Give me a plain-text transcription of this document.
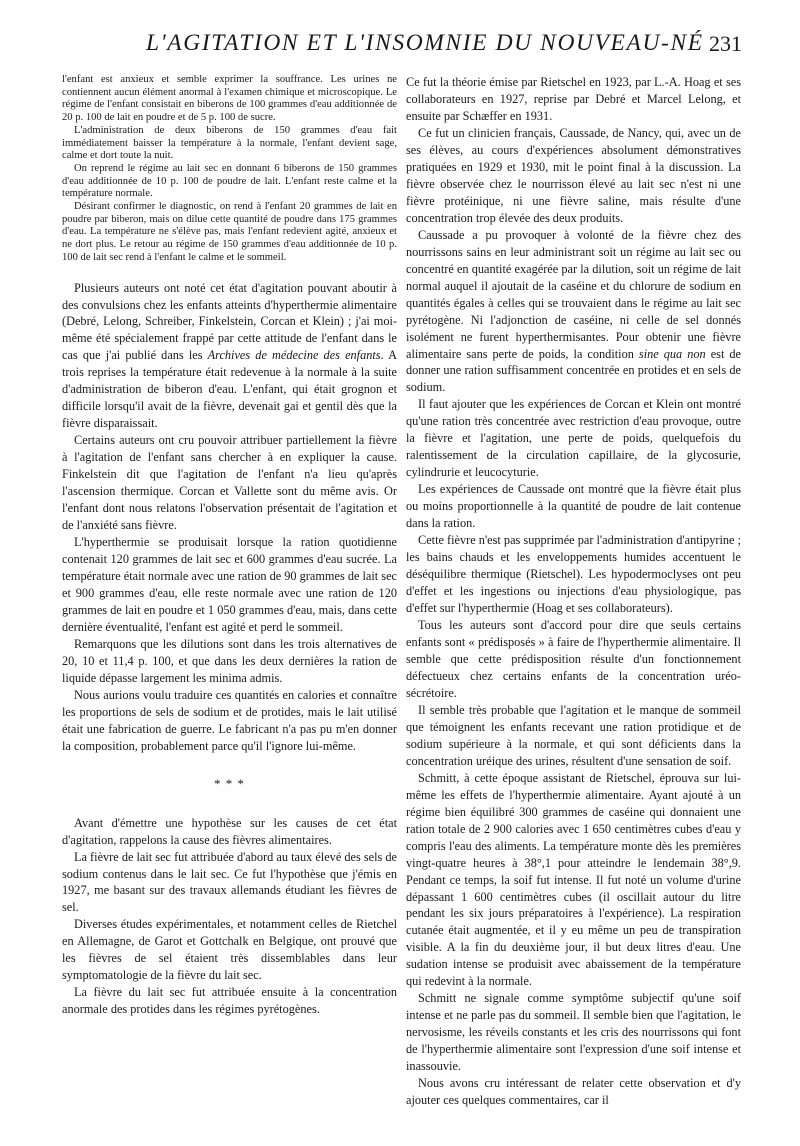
L'AGITATION ET L'INSOMNIE DU NOUVEAU-NÉ 231

l'enfant est anxieux et semble exprimer la souffrance. Les urines ne contiennent aucun élément anormal à l'examen chimique et microscopique. Le régime de l'enfant consistait en biberons de 100 grammes d'eau additionnée de 20 p. 100 de lait en poudre et de 5 p. 100 de sucre.

L'administration de deux biberons de 150 grammes d'eau fait immédiatement baisser la température à la normale, l'enfant devient sage, calme et dort toute la nuit.

On reprend le régime au lait sec en donnant 6 biberons de 150 grammes d'eau additionnée de 10 p. 100 de poudre de lait. L'enfant reste calme et la température normale.

Désirant confirmer le diagnostic, on rend à l'enfant 20 grammes de lait en poudre par biberon, mais on dilue cette quantité de poudre dans 175 grammes d'eau. La température ne s'élève pas, mais l'enfant redevient agité, anxieux et ne dort plus. Le retour au régime de 150 grammes d'eau additionnée de 10 p. 100 de lait sec rend à l'enfant le calme et le sommeil.

Plusieurs auteurs ont noté cet état d'agitation pouvant aboutir à des convulsions chez les enfants atteints d'hyperthermie alimentaire (Debré, Lelong, Schreiber, Finkelstein, Corcan et Klein) ; j'ai moi-même été spécialement frappé par cette attitude de l'enfant dans le cas que j'ai publié dans les Archives de médecine des enfants. A trois reprises la température était redevenue à la normale à la suite d'administration de biberon d'eau. L'enfant, qui était grognon et difficile lorsqu'il avait de la fièvre, devenait gai et gentil dès que la fièvre disparaissait.

Certains auteurs ont cru pouvoir attribuer partiellement la fièvre à l'agitation de l'enfant sans chercher à en expliquer la cause. Finkelstein dit que l'agitation de l'enfant n'a lieu qu'après l'ascension thermique. Corcan et Vallette sont du même avis. Or l'enfant dont nous relatons l'observation présentait de l'agitation et de l'anxiété sans fièvre.

L'hyperthermie se produisait lorsque la ration quotidienne contenait 120 grammes de lait sec et 600 grammes d'eau sucrée. La température était normale avec une ration de 90 grammes de lait sec et 900 grammes d'eau, elle reste normale avec une ration de 120 grammes de lait en poudre et 1 050 grammes d'eau, mais, dans cette dernière éventualité, l'enfant est agité et perd le sommeil.

Remarquons que les dilutions sont dans les trois alternatives de 20, 10 et 11,4 p. 100, et que dans les deux dernières la ration de liquide dépasse largement les minima admis.

Nous aurions voulu traduire ces quantités en calories et connaître les proportions de sels de sodium et de protides, mais le lait utilisé était une fabrication de guerre. Le fabricant n'a pas pu m'en donner la composition, probablement parce qu'il l'ignore lui-même.

* * *

Avant d'émettre une hypothèse sur les causes de cet état d'agitation, rappelons la cause des fièvres alimentaires.

La fièvre de lait sec fut attribuée d'abord au taux élevé des sels de sodium contenus dans le lait sec. Ce fut l'hypothèse que j'émis en 1927, me basant sur des travaux allemands étudiant les fièvres de sel.

Diverses études expérimentales, et notamment celles de Rietchel en Allemagne, de Garot et Gottchalk en Belgique, ont prouvé que les fièvres de sel étaient très dissemblables dans leur symptomatologie de la fièvre du lait sec.

La fièvre du lait sec fut attribuée ensuite à la concentration anormale des protides dans les régimes pyrétogènes.

Ce fut la théorie émise par Rietschel en 1923, par L.-A. Hoag et ses collaborateurs en 1927, reprise par Debré et Marcel Lelong, et ensuite par Schæffer en 1931.

Ce fut un clinicien français, Caussade, de Nancy, qui, avec un de ses élèves, au cours d'expériences absolument démonstratives pratiquées en 1929 et 1930, mit le point final à la discussion. La fièvre observée chez le nourrisson élevé au lait sec n'est ni une fièvre protéinique, ni une fièvre saline, mais résulte d'une concentration trop élevée des deux produits.

Caussade a pu provoquer à volonté de la fièvre chez des nourrissons sains en leur administrant soit un régime au lait sec ou concentré en quantité exagérée par la dilution, soit un régime de lait normal auquel il ajoutait de la caséine et du chlorure de sodium en quantités égales à celles qui se trouvaient dans le régime au lait sec pyrétogène. Ni l'adjonction de caséine, ni celle de sel donnés isolément ne furent hyperthermisantes. Pour obtenir une fièvre alimentaire sans perte de poids, la condition sine qua non est de donner une ration suffisamment concentrée en protides et en sels de sodium.

Il faut ajouter que les expériences de Corcan et Klein ont montré qu'une ration très concentrée avec restriction d'eau provoque, outre la fièvre et l'agitation, une perte de poids, quelquefois du ralentissement de la circulation capillaire, de la glycosurie, cylindrurie et leucocyturie.

Les expériences de Caussade ont montré que la fièvre était plus ou moins proportionnelle à la quantité de poudre de lait contenue dans la ration.

Cette fièvre n'est pas supprimée par l'administration d'antipyrine ; les bains chauds et les enveloppements humides accentuent le déséquilibre thermique (Rietschel). Les hypodermoclyses ont peu d'effet et les ingestions ou injections d'eau physiologique, pas d'effet sur l'hyperthermie (Hoag et ses collaborateurs).

Tous les auteurs sont d'accord pour dire que seuls certains enfants sont « prédisposés » à faire de l'hyperthermie alimentaire. Il semble que cette prédisposition résulte d'un fonctionnement défectueux chez certains enfants de la concentration uréo-sécrétoire.

Il semble très probable que l'agitation et le manque de sommeil que témoignent les enfants recevant une ration protidique et de sodium supérieure à la normale, et qui sont déficients dans la concentration uréique des urines, résultent d'une sensation de soif.

Schmitt, à cette époque assistant de Rietschel, éprouva sur lui-même les effets de l'hyperthermie alimentaire. Ayant ajouté à un régime bien équilibré 300 grammes de caséine qui donnaient une ration totale de 2 900 calories avec 1 650 centimètres cubes d'eau y compris l'eau des aliments. La température monte dès les premières vingt-quatre heures à 38°,1 pour atteindre le lendemain 38°,9. Pendant ce temps, la soif fut intense. Il fut noté un volume d'urine dépassant 1 600 centimètres cubes (il oscillait autour du litre pendant les six jours préparatoires à l'expérience). La respiration cutanée était augmentée, et il y eu même un peu de transpiration visible. A la fin du deuxième jour, il but deux litres d'eau. Une sudation intense se produisit avec abaissement de la température qui redevint à la normale.

Schmitt ne signale comme symptôme subjectif qu'une soif intense et ne parle pas du sommeil. Il semble bien que l'agitation, le nervosisme, les réveils constants et les cris des nourrissons qui font de l'hyperthermie alimentaire sont l'expression d'une soif intense et inassouvie.

Nous avons cru intéressant de relater cette observation et d'y ajouter ces quelques commentaires, car il
